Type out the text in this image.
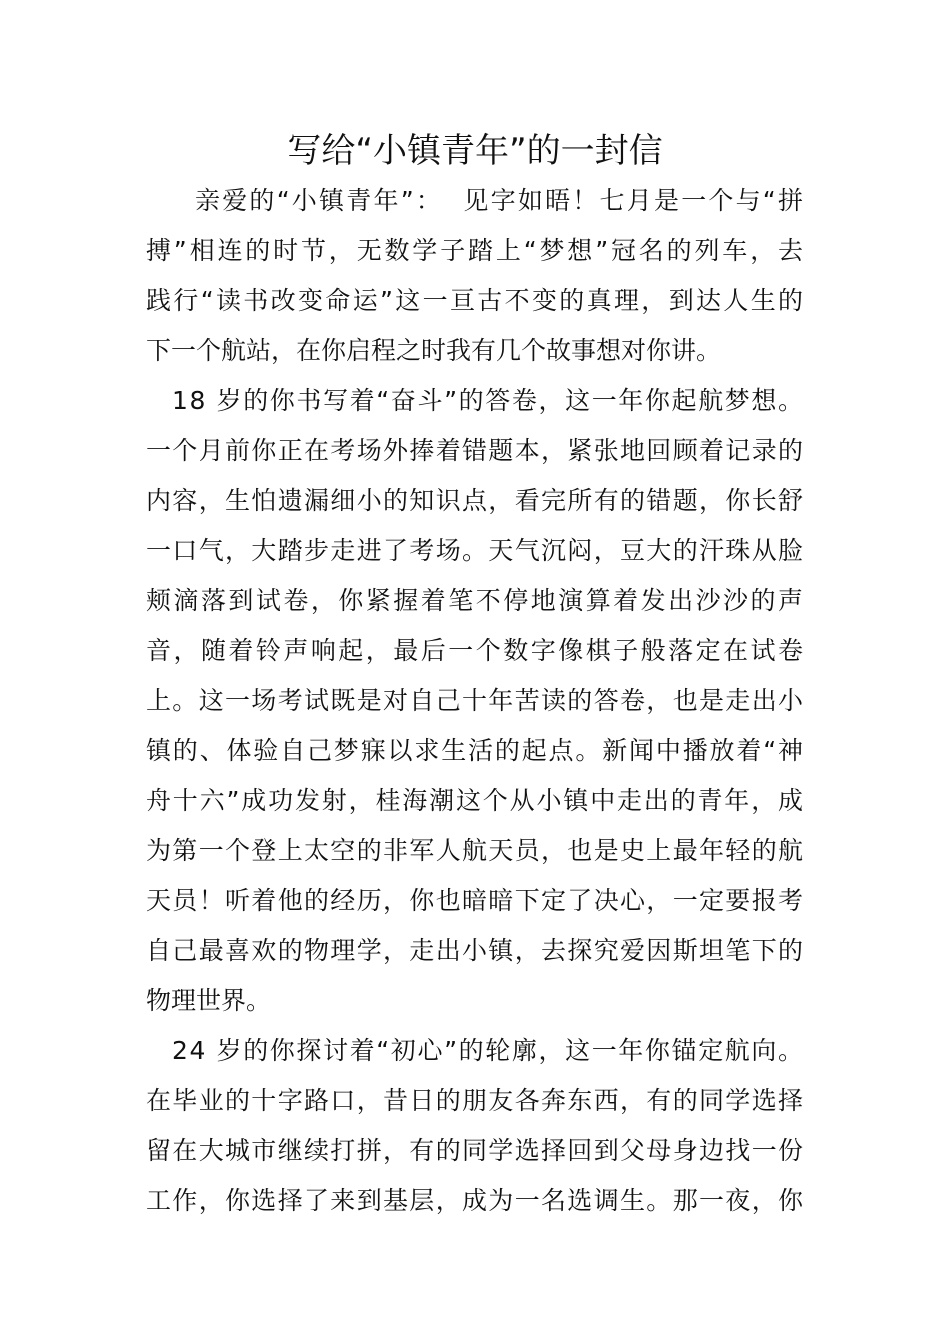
写给“小镇青年”的一封信
亲 爱 的 “ 小 镇 青 年 ” ： 见 字 如 晤 ！ 七 月 是 一 个 与 “ 拼
搏 ” 相 连 的 时 节 ， 无 数 学 子 踏 上 “ 梦 想 ” 冠 名 的 列 车 ， 去
践 行 “ 读 书 改 变 命 运 ” 这 一 亘 古 不 变 的 真 理 ， 到 达 人 生 的
下 一 个 航 站 ， 在 你 启 程 之 时 我 有 几 个 故 事 想 对 你 讲 。
1 8 岁 的 你 书 写 着 “ 奋 斗 ” 的 答 卷 ， 这 一 年 你 起 航 梦 想 。
一 个 月 前 你 正 在 考 场 外 捧 着 错 题 本 ， 紧 张 地 回 顾 着 记 录 的
内 容 ， 生 怕 遗 漏 细 小 的 知 识 点 ， 看 完 所 有 的 错 题 ， 你 长 舒
一 口 气 ， 大 踏 步 走 进 了 考 场 。 天 气 沉 闷 ， 豆 大 的 汗 珠 从 脸
颊 滴 落 到 试 卷 ， 你 紧 握 着 笔 不 停 地 演 算 着 发 出 沙 沙 的 声
音 ， 随 着 铃 声 响 起 ， 最 后 一 个 数 字 像 棋 子 般 落 定 在 试 卷
上 。 这 一 场 考 试 既 是 对 自 己 十 年 苦 读 的 答 卷 ， 也 是 走 出 小
镇 的 、 体 验 自 己 梦 寐 以 求 生 活 的 起 点 。 新 闻 中 播 放 着 “ 神
舟 十 六 ” 成 功 发 射 ， 桂 海 潮 这 个 从 小 镇 中 走 出 的 青 年 ， 成
为 第 一 个 登 上 太 空 的 非 军 人 航 天 员 ， 也 是 史 上 最 年 轻 的 航
天 员 ！ 听 着 他 的 经 历 ， 你 也 暗 暗 下 定 了 决 心 ， 一 定 要 报 考
自 己 最 喜 欢 的 物 理 学 ， 走 出 小 镇 ， 去 探 究 爱 因 斯 坦 笔 下 的
物 理 世 界 。
2 4 岁 的 你 探 讨 着 “ 初 心 ” 的 轮 廓 ， 这 一 年 你 锚 定 航 向 。
在 毕 业 的 十 字 路 口 ， 昔 日 的 朋 友 各 奔 东 西 ， 有 的 同 学 选 择
留 在 大 城 市 继 续 打 拼 ， 有 的 同 学 选 择 回 到 父 母 身 边 找 一 份
工 作 ， 你 选 择 了 来 到 基 层 ， 成 为 一 名 选 调 生 。 那 一 夜 ， 你
